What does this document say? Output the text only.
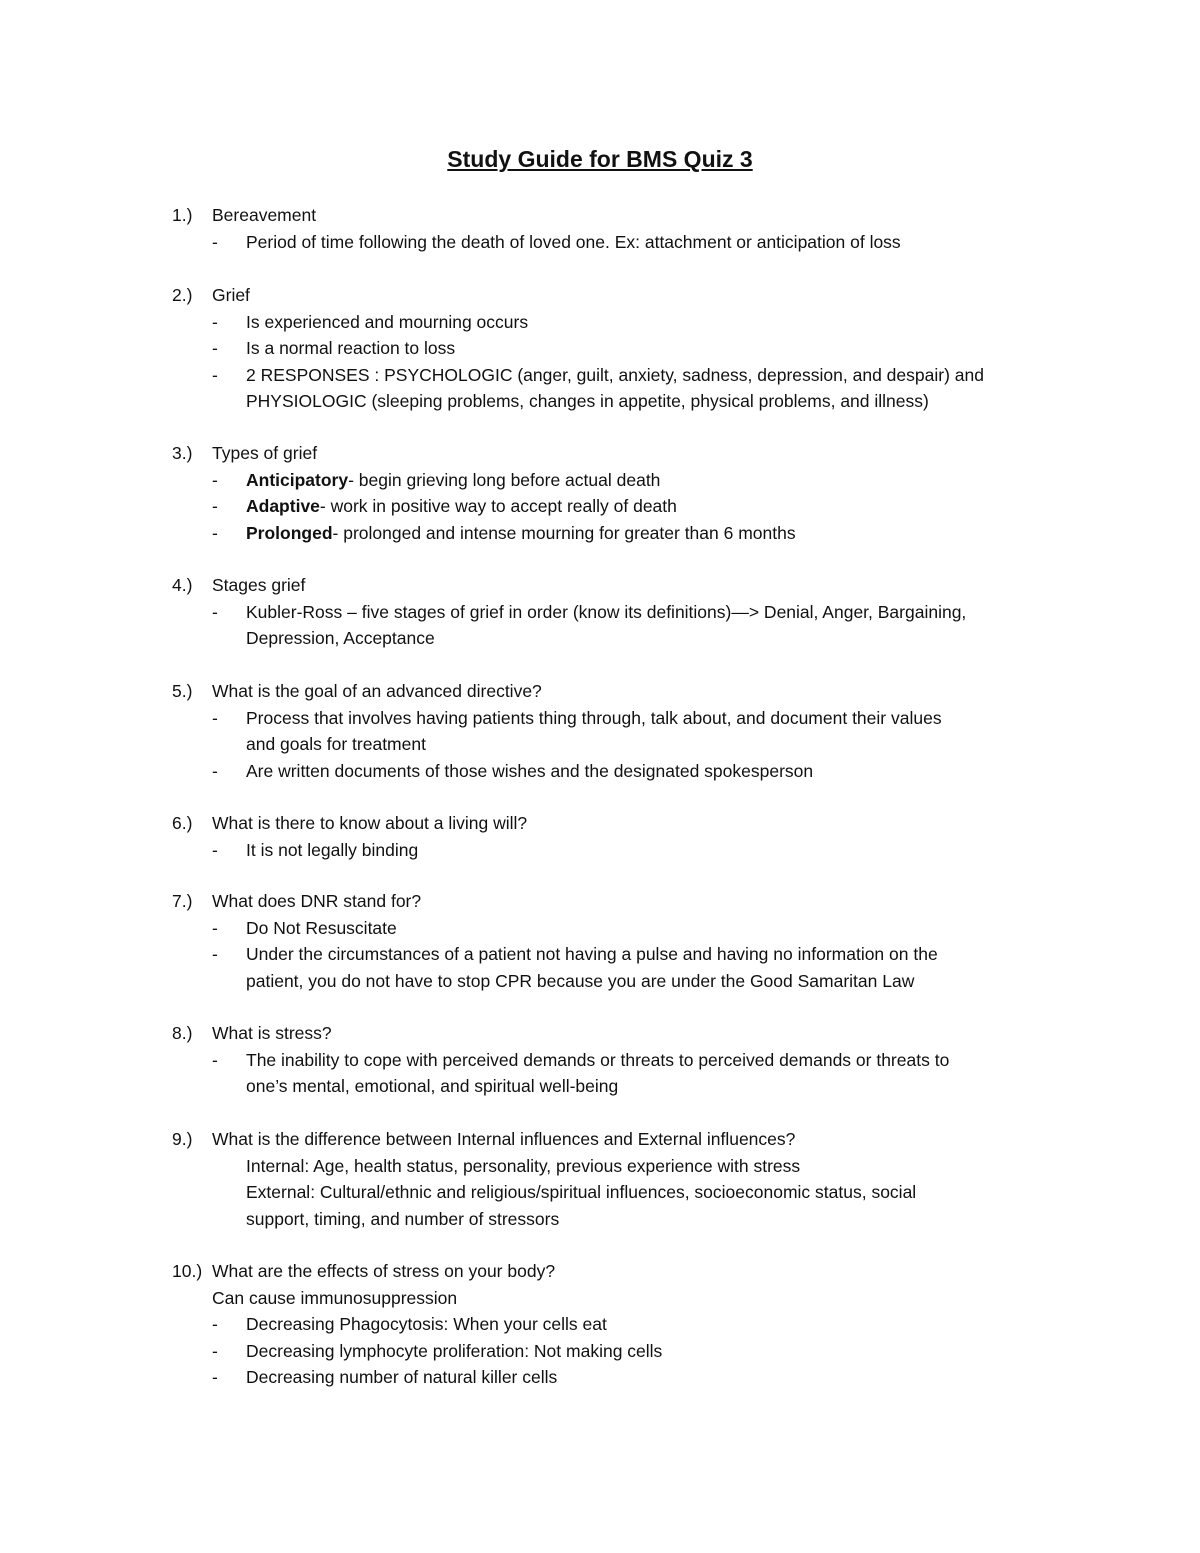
Study Guide for BMS Quiz 3
1.) Bereavement
- Period of time following the death of loved one. Ex: attachment or anticipation of loss
2.) Grief
- Is experienced and mourning occurs
- Is a normal reaction to loss
- 2 RESPONSES : PSYCHOLOGIC (anger, guilt, anxiety, sadness, depression, and despair) and
PHYSIOLOGIC (sleeping problems, changes in appetite, physical problems, and illness)
3.) Types of grief
- Anticipatory- begin grieving long before actual death
- Adaptive- work in positive way to accept really of death
- Prolonged- prolonged and intense mourning for greater than 6 months
4.) Stages grief
- Kubler-Ross – five stages of grief in order (know its definitions)—> Denial, Anger, Bargaining,
Depression, Acceptance
5.) What is the goal of an advanced directive?
- Process that involves having patients thing through, talk about, and document their values
and goals for treatment
- Are written documents of those wishes and the designated spokesperson
6.) What is there to know about a living will?
- It is not legally binding
7.) What does DNR stand for?
- Do Not Resuscitate
- Under the circumstances of a patient not having a pulse and having no information on the
patient, you do not have to stop CPR because you are under the Good Samaritan Law
8.) What is stress?
- The inability to cope with perceived demands or threats to perceived demands or threats to
one’s mental, emotional, and spiritual well-being
9.) What is the difference between Internal influences and External influences?
Internal: Age, health status, personality, previous experience with stress
External: Cultural/ethnic and religious/spiritual influences, socioeconomic status, social
support, timing, and number of stressors
10.) What are the effects of stress on your body?
Can cause immunosuppression
- Decreasing Phagocytosis: When your cells eat
- Decreasing lymphocyte proliferation: Not making cells
- Decreasing number of natural killer cells
